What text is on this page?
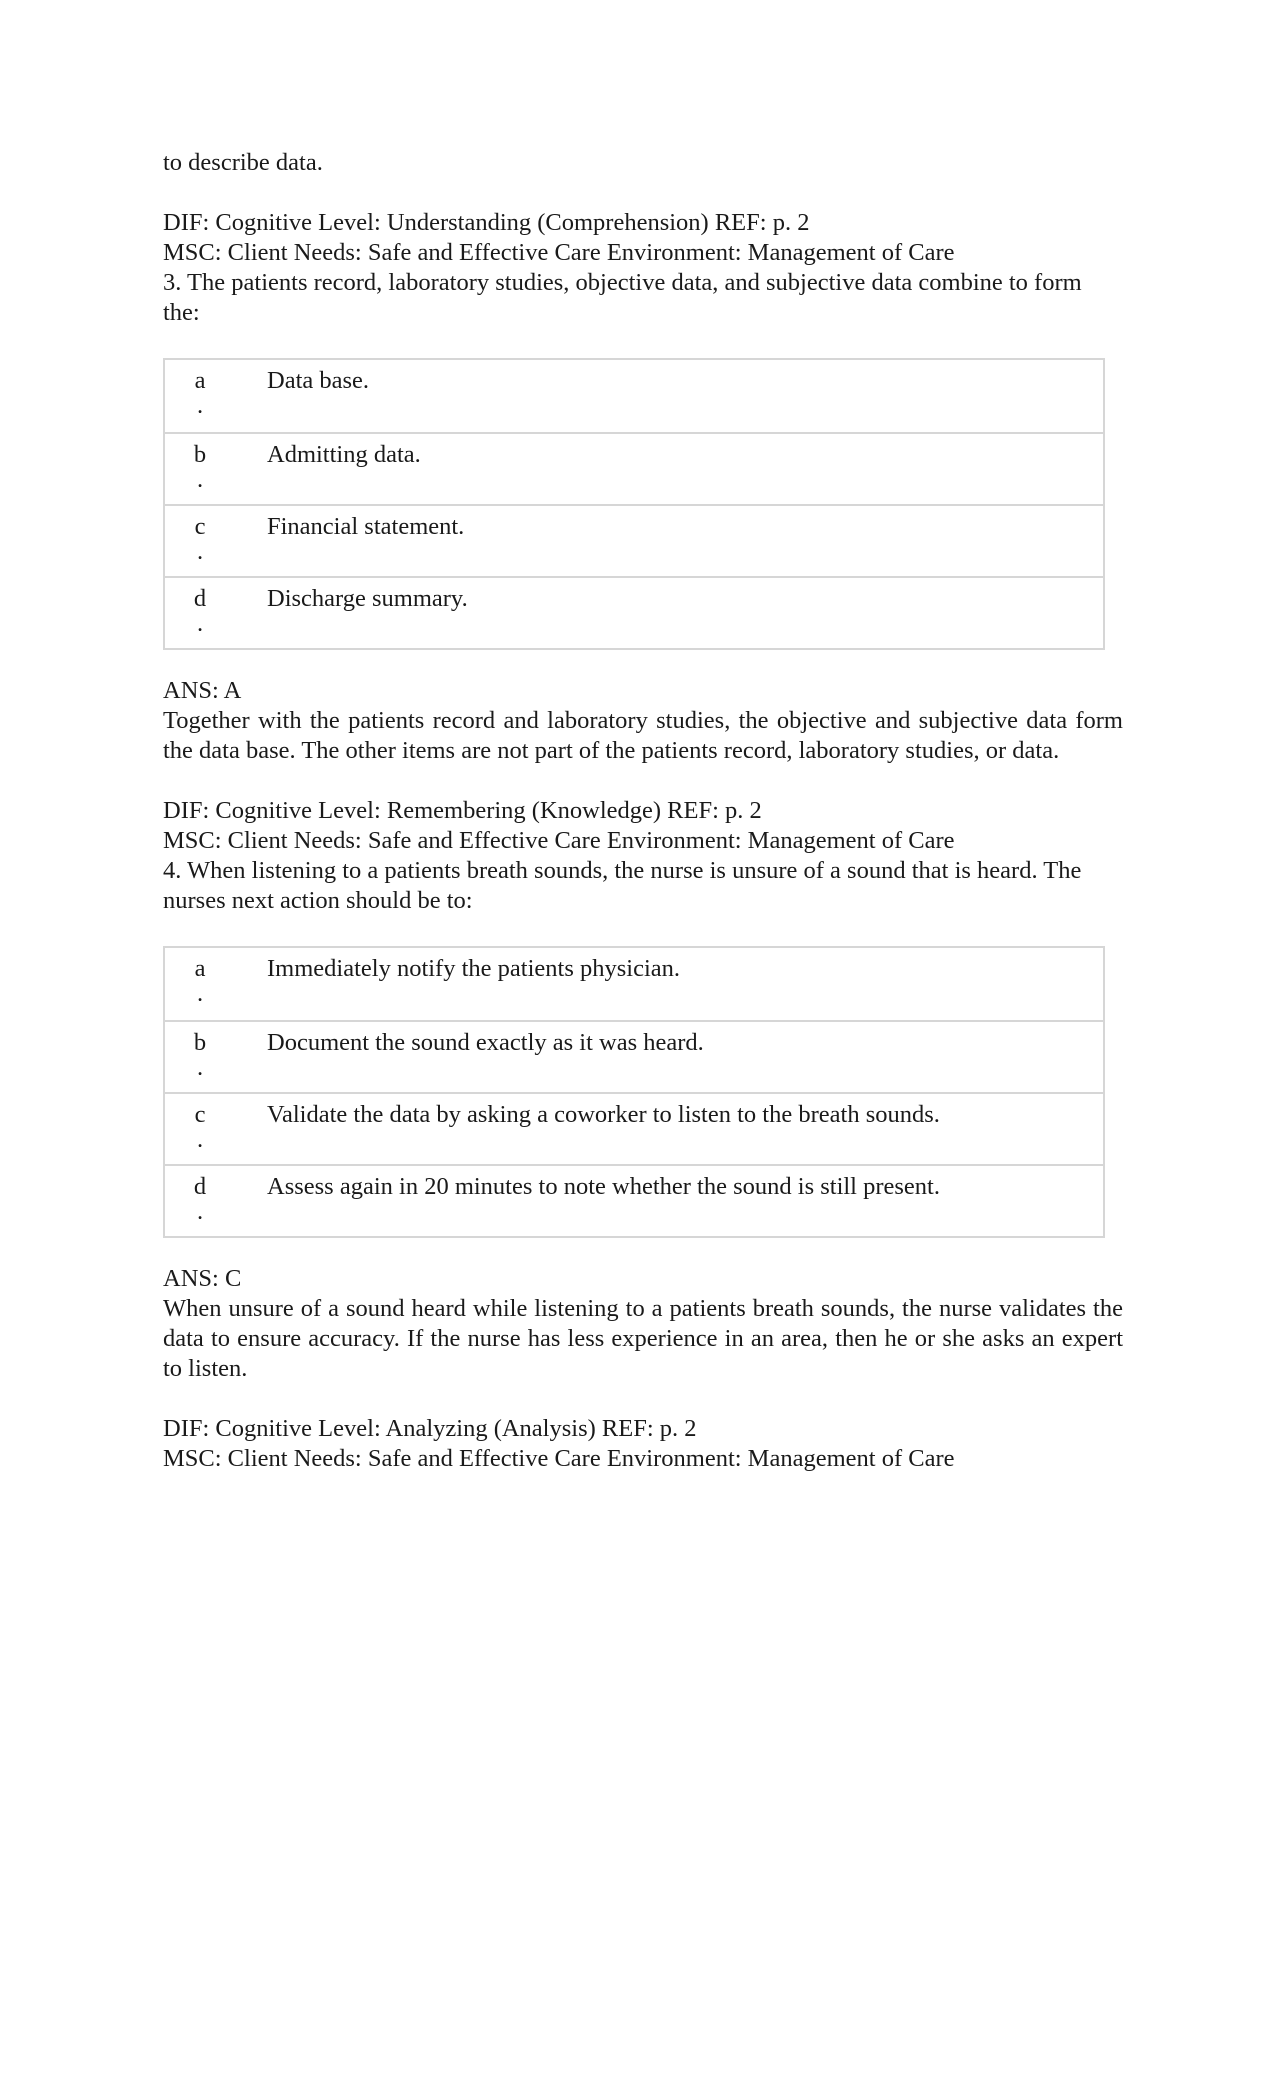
to describe data.
DIF: Cognitive Level: Understanding (Comprehension) REF: p. 2
MSC: Client Needs: Safe and Effective Care Environment: Management of Care
3. The patients record, laboratory studies, objective data, and subjective data combine to form
the:
a
.
Data base.
b
.
Admitting data.
c
.
Financial statement.
d
.
Discharge summary.
ANS: A
Together with the patients record and laboratory studies, the objective and subjective data form the data base. The other items are not part of the patients record, laboratory studies, or data.
DIF: Cognitive Level: Remembering (Knowledge) REF: p. 2
MSC: Client Needs: Safe and Effective Care Environment: Management of Care
4. When listening to a patients breath sounds, the nurse is unsure of a sound that is heard. The
nurses next action should be to:
a
.
Immediately notify the patients physician.
b
.
Document the sound exactly as it was heard.
c
.
Validate the data by asking a coworker to listen to the breath sounds.
d
.
Assess again in 20 minutes to note whether the sound is still present.
ANS: C
When unsure of a sound heard while listening to a patients breath sounds, the nurse validates the data to ensure accuracy. If the nurse has less experience in an area, then he or she asks an expert to listen.
DIF: Cognitive Level: Analyzing (Analysis) REF: p. 2
MSC: Client Needs: Safe and Effective Care Environment: Management of Care
